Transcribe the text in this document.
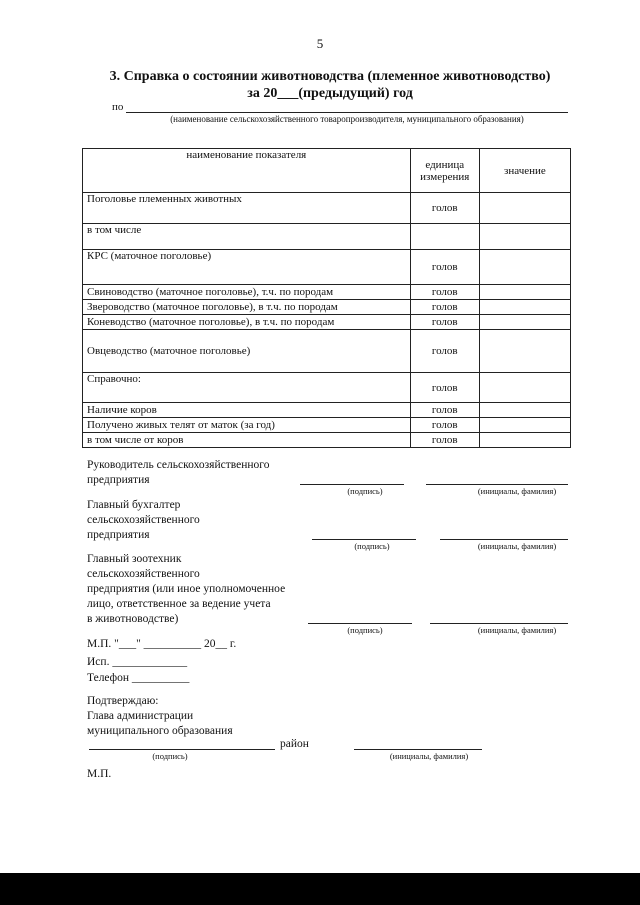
5
3. Справка о состоянии животноводства (племенное животноводство)
за 20___(предыдущий) год
по
(наименование сельскохозяйственного товаропроизводителя, муниципального образования)
наименование показателя	единица измерения	значение
Поголовье племенных животных	голов	
в том числе		
КРС (маточное поголовье)	голов	
Свиноводство (маточное поголовье), т.ч. по породам	голов	
Звероводство (маточное поголовье), в т.ч. по породам	голов	
Коневодство (маточное поголовье), в т.ч. по породам	голов	
Овцеводство (маточное поголовье)	голов	
Справочно:	голов	
Наличие коров	голов	
Получено живых телят от маток (за год)	голов	
в том числе от коров	голов	
Руководитель сельскохозяйственного
предприятия
(подпись)	(инициалы, фамилия)
Главный бухгалтер
сельскохозяйственного
предприятия
(подпись)	(инициалы, фамилия)
Главный зоотехник
сельскохозяйственного
предприятия (или иное уполномоченное
лицо, ответственное за ведение учета
в животноводстве)
(подпись)	(инициалы, фамилия)
М.П. "___" __________ 20__ г.
Исп. _____________
Телефон __________
Подтверждаю:
Глава администрации
муниципального образования
район
(подпись)	(инициалы, фамилия)
М.П.
